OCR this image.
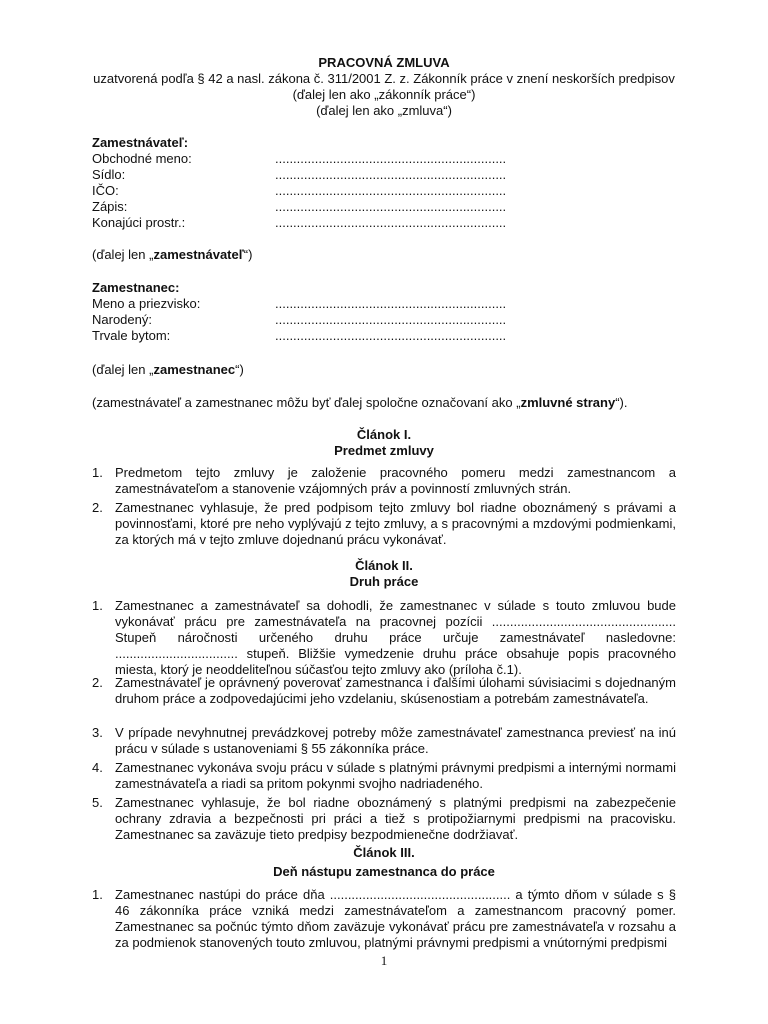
PRACOVNÁ ZMLUVA
uzatvorená podľa § 42 a nasl. zákona č. 311/2001 Z. z. Zákonník práce v znení neskorších predpisov
(ďalej len ako „zákonník práce“)
(ďalej len ako „zmluva“)
Zamestnávateľ:
Obchodné meno:	................................................................
Sídlo:	................................................................
IČO:	................................................................
Zápis:	................................................................
Konajúci prostr.:	................................................................
(ďalej len „zamestnávateľ“)
Zamestnanec:
Meno a priezvisko:	................................................................
Narodený:	................................................................
Trvale bytom:	................................................................
(ďalej len „zamestnanec“)
(zamestnávateľ a zamestnanec môžu byť ďalej spoločne označovaní ako „zmluvné strany“).
Článok I.
Predmet zmluvy
1. Predmetom tejto zmluvy je založenie pracovného pomeru medzi zamestnancom a zamestnávateľom a stanovenie vzájomných práv a povinností zmluvných strán.
2. Zamestnanec vyhlasuje, že pred podpisom tejto zmluvy bol riadne oboznámený s právami a povinnosťami, ktoré pre neho vyplývajú z tejto zmluvy, a s pracovnými a mzdovými podmienkami, za ktorých má v tejto zmluve dojednanú prácu vykonávať.
Článok II.
Druh práce
1. Zamestnanec a zamestnávateľ sa dohodli, že zamestnanec v súlade s touto zmluvou bude vykonávať prácu pre zamestnávateľa na pracovnej pozícii ................................................... Stupeň náročnosti určeného druhu práce určuje zamestnávateľ nasledovne: .................................. stupeň. Bližšie vymedzenie druhu práce obsahuje popis pracovného miesta, ktorý je neoddeliteľnou súčasťou tejto zmluvy ako (príloha č.1).
2. Zamestnávateľ je oprávnený poverovať zamestnanca i ďalšími úlohami súvisiacimi s dojednaným druhom práce a zodpovedajúcimi jeho vzdelaniu, skúsenostiam a potrebám zamestnávateľa.
3. V prípade nevyhnutnej prevádzkovej potreby môže zamestnávateľ zamestnanca previesť na inú prácu v súlade s ustanoveniami § 55 zákonníka práce.
4. Zamestnanec vykonáva svoju prácu v súlade s platnými právnymi predpismi a internými normami zamestnávateľa a riadi sa pritom pokynmi svojho nadriadeného.
5. Zamestnanec vyhlasuje, že bol riadne oboznámený s platnými predpismi na zabezpečenie ochrany zdravia a bezpečnosti pri práci a tiež s protipožiarnymi predpismi na pracovisku. Zamestnanec sa zaväzuje tieto predpisy bezpodmienečne dodržiavať.
Článok III.
Deň nástupu zamestnanca do práce
1. Zamestnanec nastúpi do práce dňa .................................................. a týmto dňom v súlade s § 46 zákonníka práce vzniká medzi zamestnávateľom a zamestnancom pracovný pomer. Zamestnanec sa počnúc týmto dňom zaväzuje vykonávať prácu pre zamestnávateľa v rozsahu a za podmienok stanovených touto zmluvou, platnými právnymi predpismi a vnútornými predpismi
1
